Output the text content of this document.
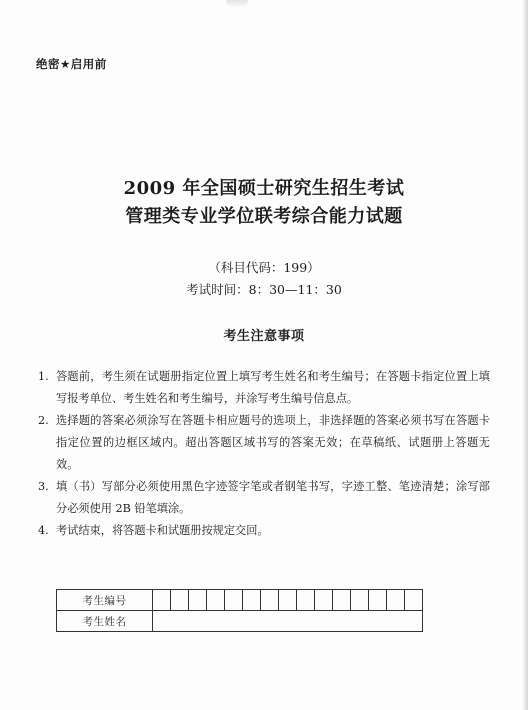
绝密★启用前
2009 年全国硕士研究生招生考试
管理类专业学位联考综合能力试题
（科目代码：199）
考试时间：8：30—11：30
考生注意事项
1. 答题前，考生须在试题册指定位置上填写考生姓名和考生编号；在答题卡指定位置上填写报考单位、考生姓名和考生编号，并涂写考生编号信息点。
2. 选择题的答案必须涂写在答题卡相应题号的选项上，非选择题的答案必须书写在答题卡指定位置的边框区域内。超出答题区域书写的答案无效；在草稿纸、试题册上答题无效。
3. 填（书）写部分必须使用黑色字迹签字笔或者钢笔书写，字迹工整、笔迹清楚；涂写部分必须使用 2B 铅笔填涂。
4. 考试结束，将答题卡和试题册按规定交回。
考生编号															
考生姓名															
